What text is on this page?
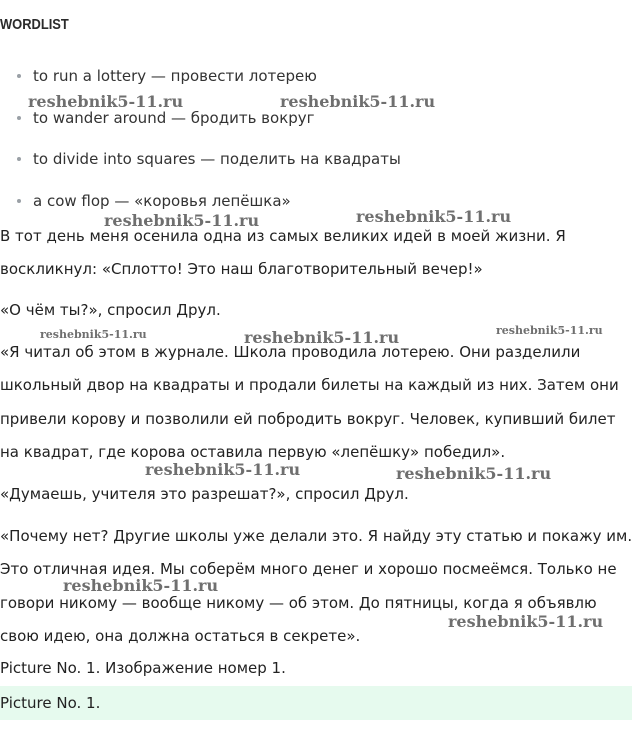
WORDLIST
to run a lottery — провести лотерею
to wander around — бродить вокруг
to divide into squares — поделить на квадраты
a cow flop — «коровья лепёшка»
В тот день меня осенила одна из самых великих идей в моей жизни. Я
воскликнул: «Сплотто! Это наш благотворительный вечер!»
«О чём ты?», спросил Друл.
«Я читал об этом в журнале. Школа проводила лотерею. Они разделили
школьный двор на квадраты и продали билеты на каждый из них. Затем они
привели корову и позволили ей побродить вокруг. Человек, купивший билет
на квадрат, где корова оставила первую «лепёшку» победил».
«Думаешь, учителя это разрешат?», спросил Друл.
«Почему нет? Другие школы уже делали это. Я найду эту статью и покажу им.
Это отличная идея. Мы соберём много денег и хорошо посмеёмся. Только не
говори никому — вообще никому — об этом. До пятницы, когда я объявлю
свою идею, она должна остаться в секрете».
Picture No. 1. Изображение номер 1.
Picture No. 1.
reshebnik5-11.ru	reshebnik5-11.ru
reshebnik5-11.ru	reshebnik5-11.ru
reshebnik5-11.ru	reshebnik5-11.ru	reshebnik5-11.ru
reshebnik5-11.ru	reshebnik5-11.ru
reshebnik5-11.ru
reshebnik5-11.ru
